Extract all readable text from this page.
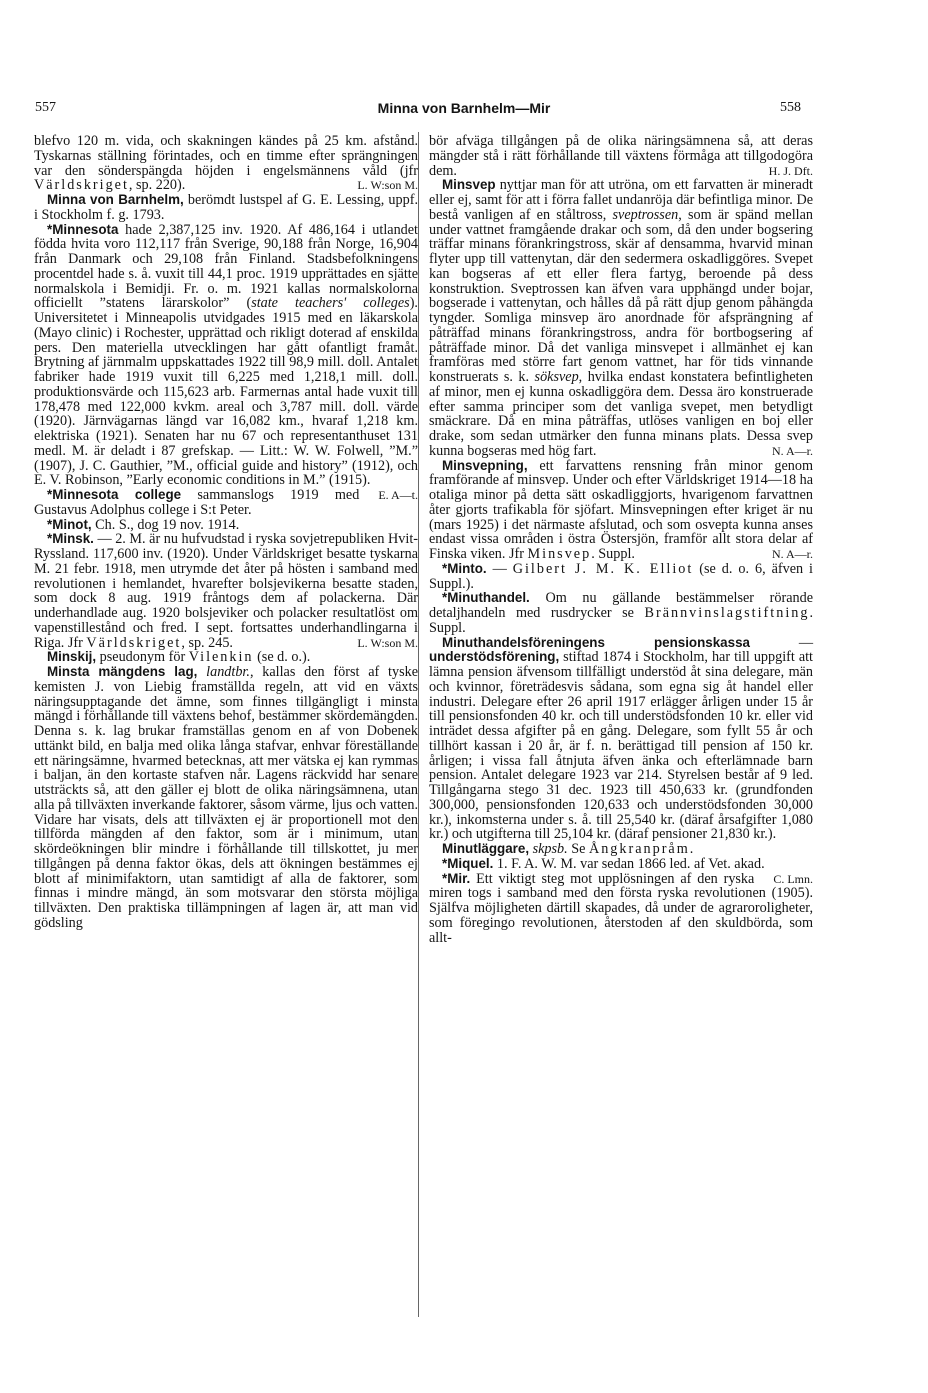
557	Minna von Barnhelm—Mir	558

blefvo 120 m. vida, och skakningen kändes på 25 km. afstånd. Tyskarnas ställning förintades, och en timme efter sprängningen var den sönderspängda höjden i engelsmännens våld (jfr Världskriget, sp. 220).	L. W:son M.

Minna von Barnhelm, berömdt lustspel af G. E. Lessing, uppf. i Stockholm f. g. 1793.

*Minnesota hade 2,387,125 inv. 1920. Af 486,164 i utlandet födda hvita voro 112,117 från Sverige, 90,188 från Norge, 16,904 från Danmark och 29,108 från Finland. Stadsbefolkningens procentdel hade s. å. vuxit till 44,1 proc. 1919 upprättades en sjätte normalskola i Bemidji. Fr. o. m. 1921 kallas normalskolorna officiellt ”statens lärarskolor” (state teachers' colleges). Universitetet i Minneapolis utvidgades 1915 med en läkarskola (Mayo clinic) i Rochester, upprättad och rikligt doterad af enskilda pers. Den materiella utvecklingen har gått ofantligt framåt. Brytning af järnmalm uppskattades 1922 till 98,9 mill. doll. Antalet fabriker hade 1919 vuxit till 6,225 med 1,218,1 mill. doll. produktionsvärde och 115,623 arb. Farmernas antal hade vuxit till 178,478 med 122,000 kvkm. areal och 3,787 mill. doll. värde (1920). Järnvägarnas längd var 16,082 km., hvaraf 1,218 km. elektriska (1921). Senaten har nu 67 och representanthuset 131 medl. M. är deladt i 87 grefskap. — Litt.: W. W. Folwell, ”M.” (1907), J. C. Gauthier, ”M., official guide and history” (1912), och E. V. Robinson, ”Early economic conditions in M.” (1915).
E. A—t.

*Minnesota college sammanslogs 1919 med Gustavus Adolphus college i S:t Peter.

*Minot, Ch. S., dog 19 nov. 1914.

*Minsk. — 2. M. är nu hufvudstad i ryska sovjetrepubliken Hvit-Ryssland. 117,600 inv. (1920). Under Världskriget besatte tyskarna M. 21 febr. 1918, men utrymde det åter på hösten i samband med revolutionen i hemlandet, hvarefter bolsjevikerna besatte staden, som dock 8 aug. 1919 fråntogs dem af polackerna. Där underhandlade aug. 1920 bolsjeviker och polacker resultatlöst om vapenstillestånd och fred. I sept. fortsattes underhandlingarna i Riga. Jfr Världskriget, sp. 245.	L. W:son M.

Minskij, pseudonym för Vilenkin (se d. o.).

Minsta mängdens lag, landtbr., kallas den först af tyske kemisten J. von Liebig framställda regeln, att vid en växts näringsupptagande det ämne, som finnes tillgängligt i minsta mängd i förhållande till växtens behof, bestämmer skördemängden. Denna s. k. lag brukar framställas genom en af von Dobenek uttänkt bild, en balja med olika långa stafvar, enhvar föreställande ett näringsämne, hvarmed betecknas, att mer vätska ej kan rymmas i baljan, än den kortaste stafven når. Lagens räckvidd har senare utsträckts så, att den gäller ej blott de olika näringsämnena, utan alla på tillväxten inverkande faktorer, såsom värme, ljus och vatten. Vidare har visats, dels att tillväxten ej är proportionell mot den tillförda mängden af den faktor, som är i minimum, utan skördeökningen blir mindre i förhållande till tillskottet, ju mer tillgången på denna faktor ökas, dels att ökningen bestämmes ej blott af minimifaktorn, utan samtidigt af alla de faktorer, som finnas i mindre mängd, än som motsvarar den största möjliga tillväxten. Den praktiska tillämpningen af lagen är, att man vid gödsling

bör afväga tillgången på de olika näringsämnena så, att deras mängder stå i rätt förhållande till växtens förmåga att tillgodogöra dem.	H. J. Dft.

Minsvep nyttjar man för att utröna, om ett farvatten är mineradt eller ej, samt för att i förra fallet undanröja där befintliga minor. De bestå vanligen af en ståltross, sveptrossen, som är spänd mellan under vattnet framgående drakar och som, då den under bogsering träffar minans förankringstross, skär af densamma, hvarvid minan flyter upp till vattenytan, där den sedermera oskadliggöres. Svepet kan bogseras af ett eller flera fartyg, beroende på dess konstruktion. Sveptrossen kan äfven vara upphängd under bojar, bogserade i vattenytan, och hålles då på rätt djup genom påhängda tyngder. Somliga minsvep äro anordnade för afsprängning af påträffad minans förankringstross, andra för bortbogsering af påträffade minor. Då det vanliga minsvepet i allmänhet ej kan framföras med större fart genom vattnet, har för tids vinnande konstruerats s. k. söksvep, hvilka endast konstatera befintligheten af minor, men ej kunna oskadliggöra dem. Dessa äro konstruerade efter samma principer som det vanliga svepet, men betydligt smäckrare. Då en mina påträffas, utlöses vanligen en boj eller drake, som sedan utmärker den funna minans plats. Dessa svep kunna bogseras med hög fart.	N. A—r.

Minsvepning, ett farvattens rensning från minor genom framförande af minsvep. Under och efter Världskriget 1914—18 ha otaliga minor på detta sätt oskadliggjorts, hvarigenom farvattnen åter gjorts trafikabla för sjöfart. Minsvepningen efter kriget är nu (mars 1925) i det närmaste afslutad, och som osvepta kunna anses endast vissa områden i östra Östersjön, framför allt stora delar af Finska viken. Jfr Minsvep. Suppl.	N. A—r.

*Minto. — Gilbert J. M. K. Elliot (se d. o. 6, äfven i Suppl.).

*Minuthandel. Om nu gällande bestämmelser rörande detaljhandeln med rusdrycker se Brännvinslagstiftning. Suppl.

Minuthandelsföreningens pensionskassa — understödsförening, stiftad 1874 i Stockholm, har till uppgift att lämna pension äfvensom tillfälligt understöd åt sina delegare, män och kvinnor, företrädesvis sådana, som egna sig åt handel eller industri. Delegare efter 26 april 1917 erlägger årligen under 15 år till pensionsfonden 40 kr. och till understödsfonden 10 kr. eller vid inträdet dessa afgifter på en gång. Delegare, som fyllt 55 år och tillhört kassan i 20 år, är f. n. berättigad till pension af 150 kr. årligen; i vissa fall åtnjuta äfven änka och efterlämnade barn pension. Antalet delegare 1923 var 214. Styrelsen består af 9 led. Tillgångarna stego 31 dec. 1923 till 450,633 kr. (grundfonden 300,000, pensionsfonden 120,633 och understödsfonden 30,000 kr.), inkomsterna under s. å. till 25,540 kr. (däraf årsafgifter 1,080 kr.) och utgifterna till 25,104 kr. (däraf pensioner 21,830 kr.).

Minutläggare, skpsb. Se Ångkranpråm.

*Miquel. 1. F. A. W. M. var sedan 1866 led. af Vet. akad.
C. Lmn.

*Mir. Ett viktigt steg mot upplösningen af den ryska miren togs i samband med den första ryska revolutionen (1905). Själfva möjligheten därtill skapades, då under de agraroroligheter, som föregingo revolutionen, återstoden af den skuldbörda, som allt-
